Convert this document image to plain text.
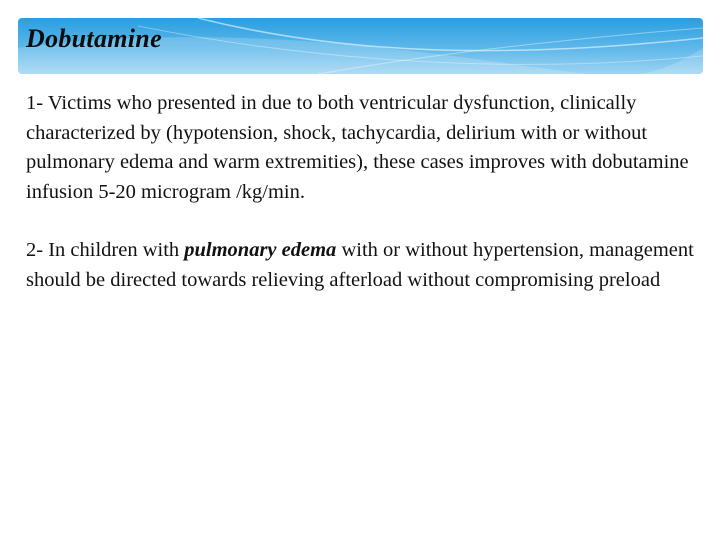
Dobutamine

1- Victims who presented in due to both ventricular dysfunction, clinically characterized by (hypotension, shock, tachycardia, delirium with or without pulmonary edema and warm extremities), these cases improves with dobutamine infusion 5-20 microgram /kg/min.

2- In children with pulmonary edema with or without hypertension, management should be directed towards relieving afterload without compromising preload
